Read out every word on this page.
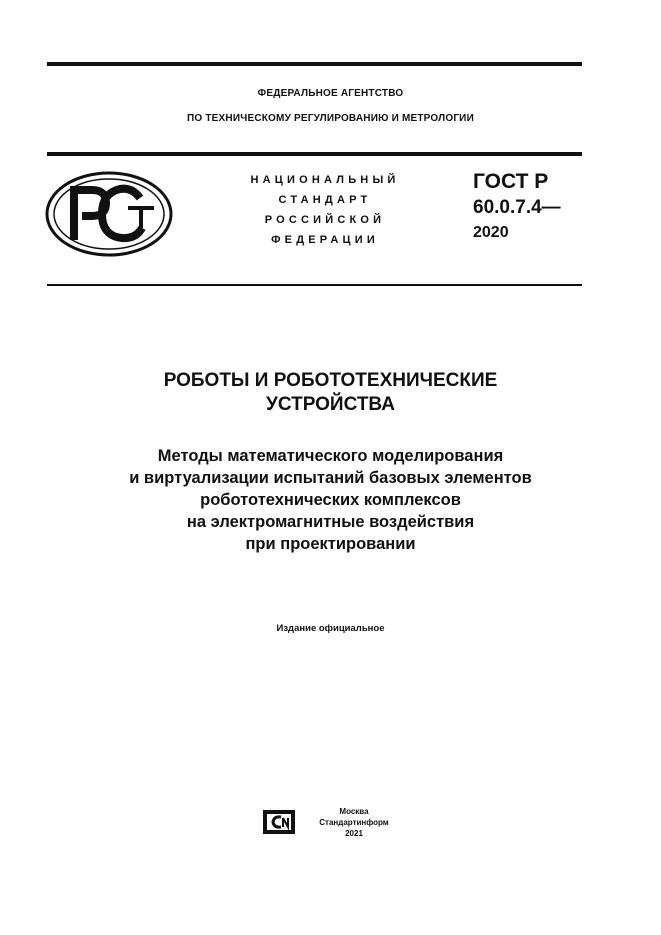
ФЕДЕРАЛЬНОЕ АГЕНТСТВО
ПО ТЕХНИЧЕСКОМУ РЕГУЛИРОВАНИЮ И МЕТРОЛОГИИ
НАЦИОНАЛЬНЫЙ
СТАНДАРТ
РОССИЙСКОЙ
ФЕДЕРАЦИИ
ГОСТ Р
60.0.7.4—
2020
РОБОТЫ И РОБОТОТЕХНИЧЕСКИЕ
УСТРОЙСТВА
Методы математического моделирования
и виртуализации испытаний базовых элементов
робототехнических комплексов
на электромагнитные воздействия
при проектировании
Издание официальное
Москва
Стандартинформ
2021
